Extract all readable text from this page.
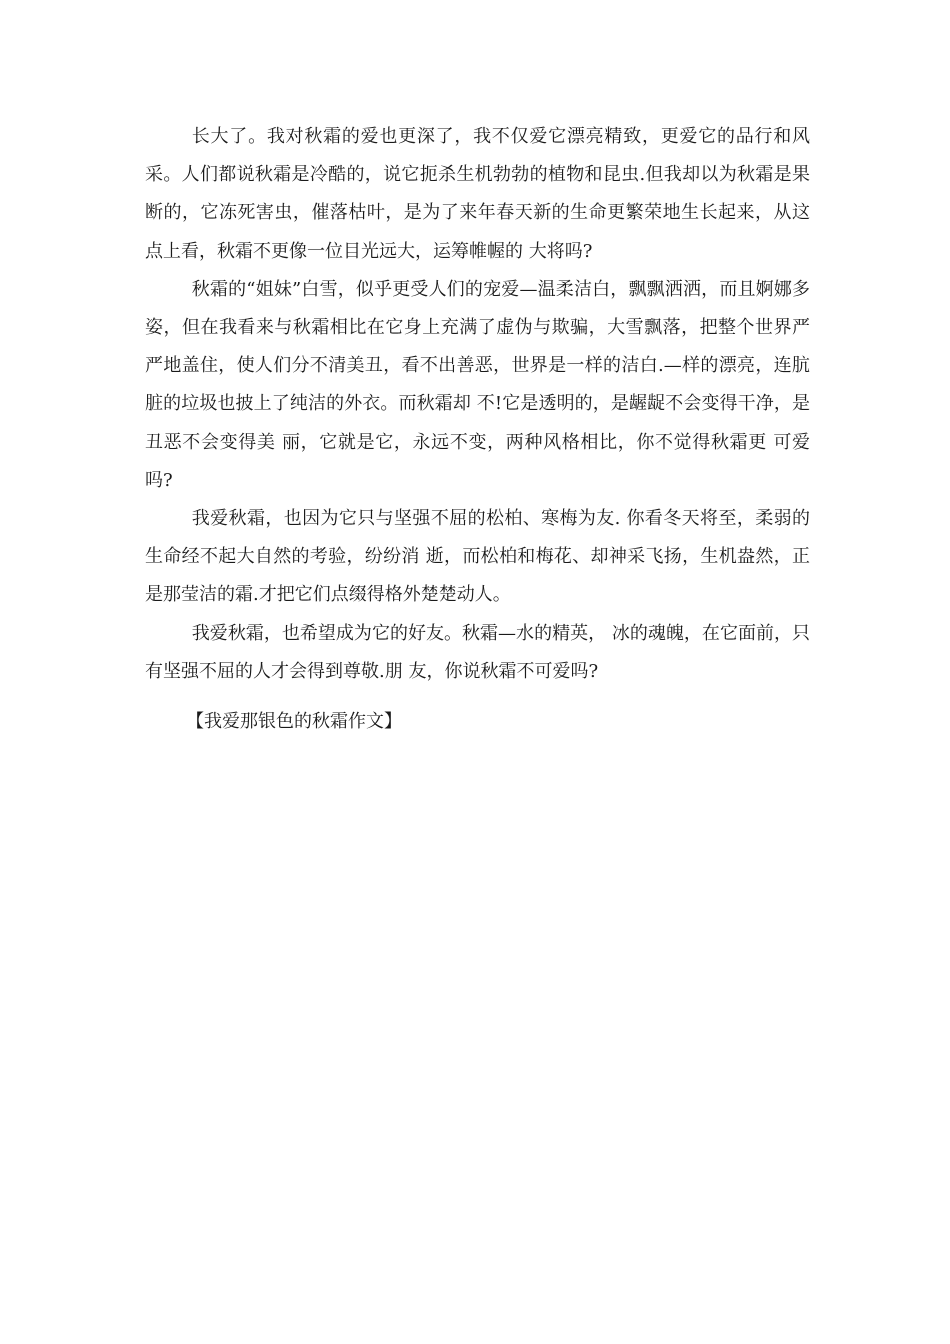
长大了。我对秋霜的爱也更深了，我不仅爱它漂亮精致，更爱它的品行和风采。人们都说秋霜是冷酷的，说它扼杀生机勃勃的植物和昆虫.但我却以为秋霜是果断的，它冻死害虫，催落枯叶，是为了来年春天新的生命更繁荣地生长起来，从这点上看，秋霜不更像一位目光远大，运筹帷幄的 大将吗?

秋霜的“姐妹”白雪，似乎更受人们的宠爱—温柔洁白，飘飘洒洒，而且婀娜多姿，但在我看来与秋霜相比在它身上充满了虚伪与欺骗，大雪飘落，把整个世界严严地盖住，使人们分不清美丑，看不出善恶，世界是一样的洁白.—样的漂亮，连肮脏的垃圾也披上了纯洁的外衣。而秋霜却 不!它是透明的，是龌龊不会变得干净，是丑恶不会变得美 丽，它就是它，永远不变，两种风格相比，你不觉得秋霜更 可爱吗?

我爱秋霜，也因为它只与坚强不屈的松柏、寒梅为友. 你看冬天将至，柔弱的生命经不起大自然的考验，纷纷消 逝，而松柏和梅花、却神采飞扬，生机盎然，正是那莹洁的霜.才把它们点缀得格外楚楚动人。

我爱秋霜，也希望成为它的好友。秋霜—水的精英， 冰的魂魄，在它面前，只有坚强不屈的人才会得到尊敬.朋 友，你说秋霜不可爱吗?

【我爱那银色的秋霜作文】
